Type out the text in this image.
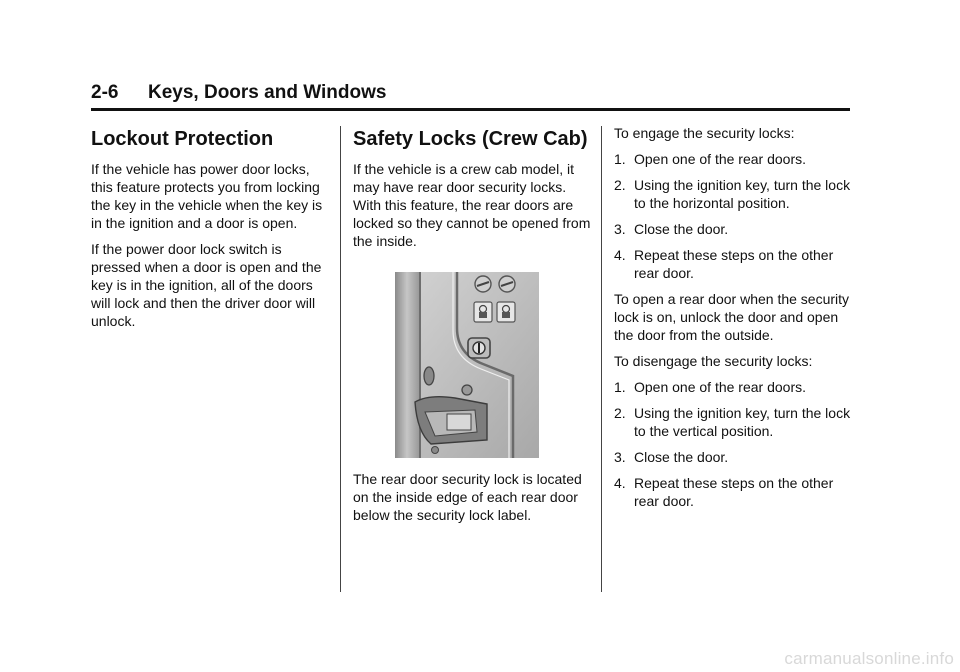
2-6 Keys, Doors and Windows
Lockout Protection

If the vehicle has power door locks, this feature protects you from locking the key in the vehicle when the key is in the ignition and a door is open.

If the power door lock switch is pressed when a door is open and the key is in the ignition, all of the doors will lock and then the driver door will unlock.

Safety Locks (Crew Cab)

If the vehicle is a crew cab model, it may have rear door security locks. With this feature, the rear doors are locked so they cannot be opened from the inside.

The rear door security lock is located on the inside edge of each rear door below the security lock label.

To engage the security locks:

1. Open one of the rear doors.
2. Using the ignition key, turn the lock to the horizontal position.
3. Close the door.
4. Repeat these steps on the other rear door.

To open a rear door when the security lock is on, unlock the door and open the door from the outside.

To disengage the security locks:

1. Open one of the rear doors.
2. Using the ignition key, turn the lock to the vertical position.
3. Close the door.
4. Repeat these steps on the other rear door.
carmanualsonline.info
